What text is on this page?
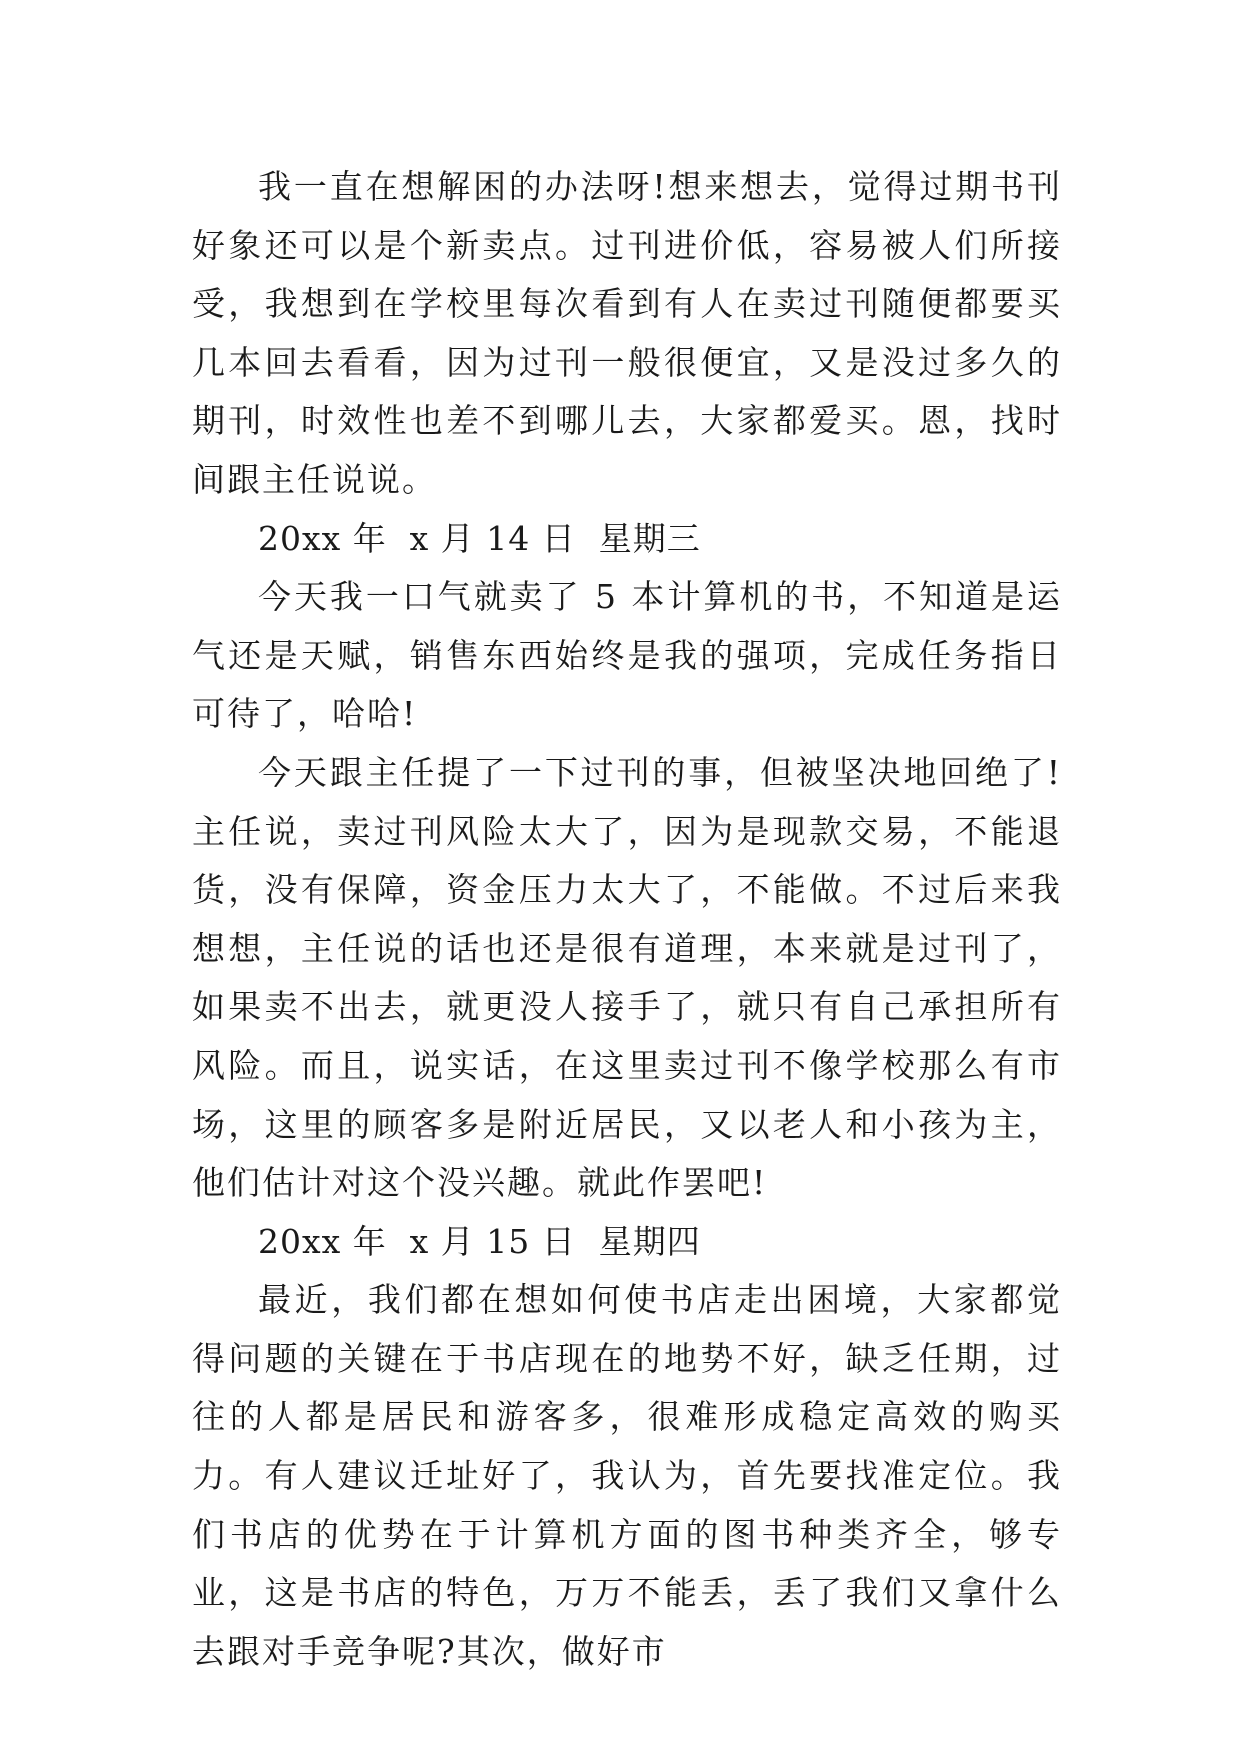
我一直在想解困的办法呀!想来想去，觉得过期书刊好象还可以是个新卖点。过刊进价低，容易被人们所接受，我想到在学校里每次看到有人在卖过刊随便都要买几本回去看看，因为过刊一般很便宜，又是没过多久的期刊，时效性也差不到哪儿去，大家都爱买。恩，找时间跟主任说说。

20xx 年  x 月 14 日  星期三

今天我一口气就卖了 5 本计算机的书，不知道是运气还是天赋，销售东西始终是我的强项，完成任务指日可待了，哈哈!

今天跟主任提了一下过刊的事，但被坚决地回绝了!主任说，卖过刊风险太大了，因为是现款交易，不能退货，没有保障，资金压力太大了，不能做。不过后来我想想，主任说的话也还是很有道理，本来就是过刊了，如果卖不出去，就更没人接手了，就只有自己承担所有风险。而且，说实话，在这里卖过刊不像学校那么有市场，这里的顾客多是附近居民，又以老人和小孩为主，他们估计对这个没兴趣。就此作罢吧!

20xx 年  x 月 15 日  星期四

最近，我们都在想如何使书店走出困境，大家都觉得问题的关键在于书店现在的地势不好，缺乏任期，过往的人都是居民和游客多，很难形成稳定高效的购买力。有人建议迁址好了，我认为，首先要找准定位。我们书店的优势在于计算机方面的图书种类齐全，够专业，这是书店的特色，万万不能丢，丢了我们又拿什么去跟对手竞争呢?其次，做好市
